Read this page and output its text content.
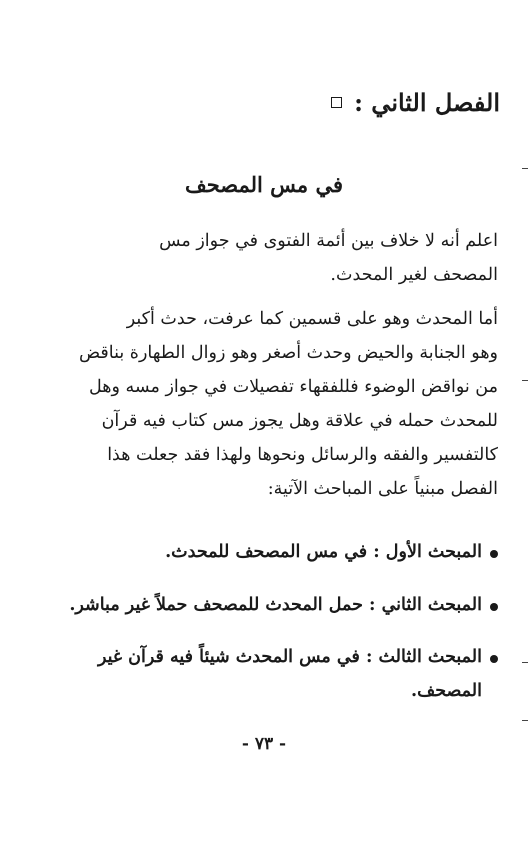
الفصل الثاني :
في مس المصحف
اعلم أنه لا خلاف بين أئمة الفتوى في جواز مس
المصحف لغير المحدث.
أما المحدث وهو على قسمين كما عرفت، حدث أكبر
وهو الجنابة والحيض وحدث أصغر وهو زوال الطهارة بناقض
من نواقض الوضوء فللفقهاء تفصيلات في جواز مسه وهل
للمحدث حمله في علاقة وهل يجوز مس كتاب فيه قرآن
كالتفسير والفقه والرسائل ونحوها ولهذا فقد جعلت هذا
الفصل مبنياً على المباحث الآتية:
المبحث الأول : في مس المصحف للمحدث.
المبحث الثاني : حمل المحدث للمصحف حملاً غير مباشر.
المبحث الثالث : في مس المحدث شيئاً فيه قرآن غير
المصحف.
- ٧٣ -
